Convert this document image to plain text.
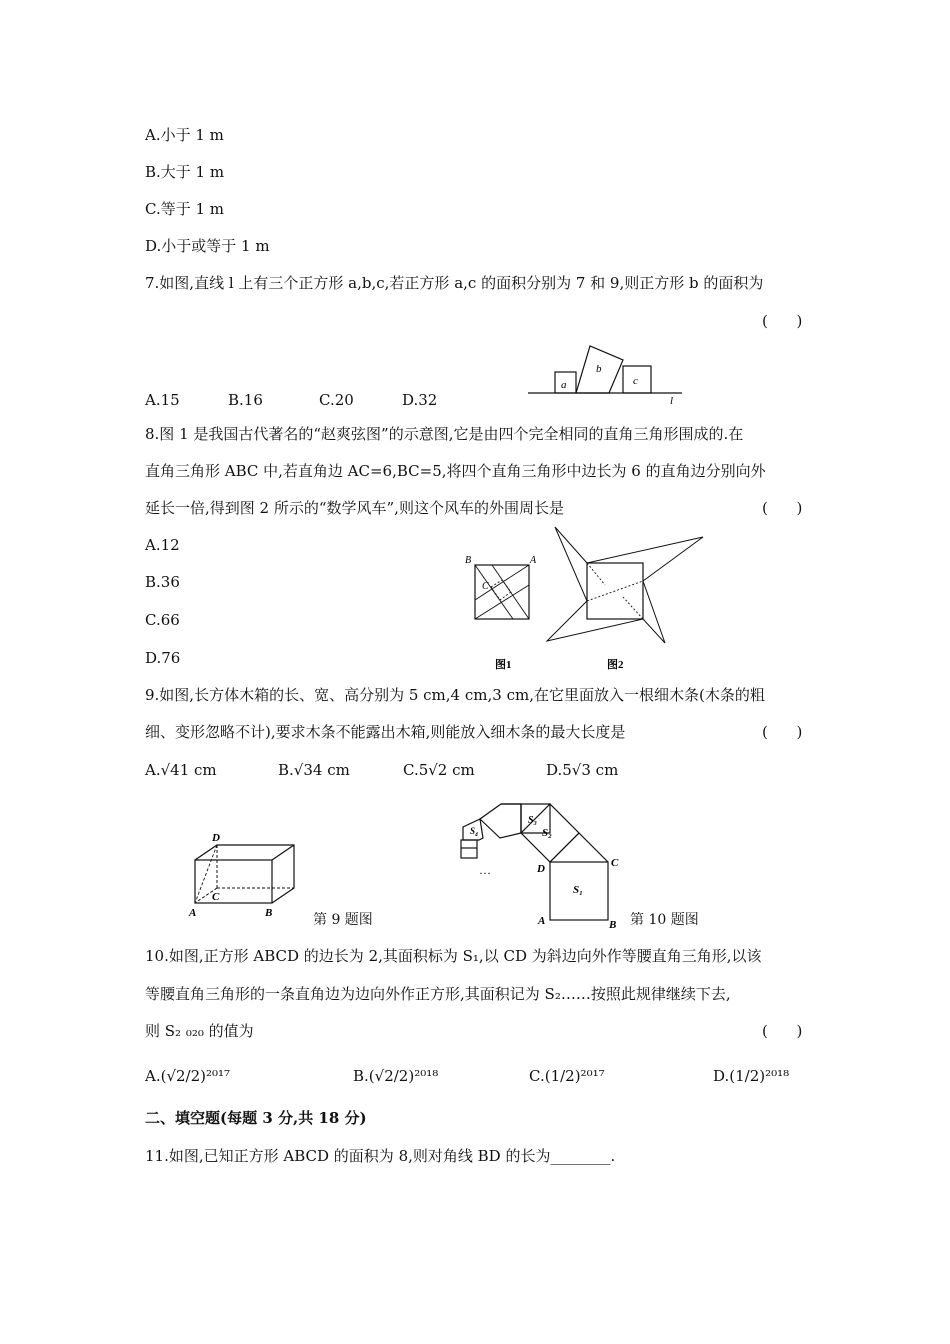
A.小于 1 m
B.大于 1 m
C.等于 1 m
D.小于或等于 1 m
7.如图,直线 l 上有三个正方形 a,b,c,若正方形 a,c 的面积分别为 7 和 9,则正方形 b 的面积为
(      )
A.15	B.16	C.20	D.32
a
b
c
l
8.图 1 是我国古代著名的“赵爽弦图”的示意图,它是由四个完全相同的直角三角形围成的.在
直角三角形 ABC 中,若直角边 AC=6,BC=5,将四个直角三角形中边长为 6 的直角边分别向外
延长一倍,得到图 2 所示的“数学风车”,则这个风车的外围周长是	(      )
A.12
B.36
C.66
D.76
B	A
C
图1	图2
9.如图,长方体木箱的长、宽、高分别为 5 cm,4 cm,3 cm,在它里面放入一根细木条(木条的粗
细、变形忽略不计),要求木条不能露出木箱,则能放入细木条的最大长度是	(      )
A.√41 cm	B.√34 cm	C.5√2 cm	D.5√3 cm
D
C
A	B	第 9 题图
S₁
S₂
S₃
S₄
D	C
A	B
…
第 10 题图
10.如图,正方形 ABCD 的边长为 2,其面积标为 S₁,以 CD 为斜边向外作等腰直角三角形,以该
等腰直角三角形的一条直角边为边向外作正方形,其面积记为 S₂……按照此规律继续下去,
则 S₂ ₀₂₀ 的值为	(      )
A.(√2/2)²⁰¹⁷	B.(√2/2)²⁰¹⁸	C.(1/2)²⁰¹⁷	D.(1/2)²⁰¹⁸
二、填空题(每题 3 分,共 18 分)
11.如图,已知正方形 ABCD 的面积为 8,则对角线 BD 的长为________.
